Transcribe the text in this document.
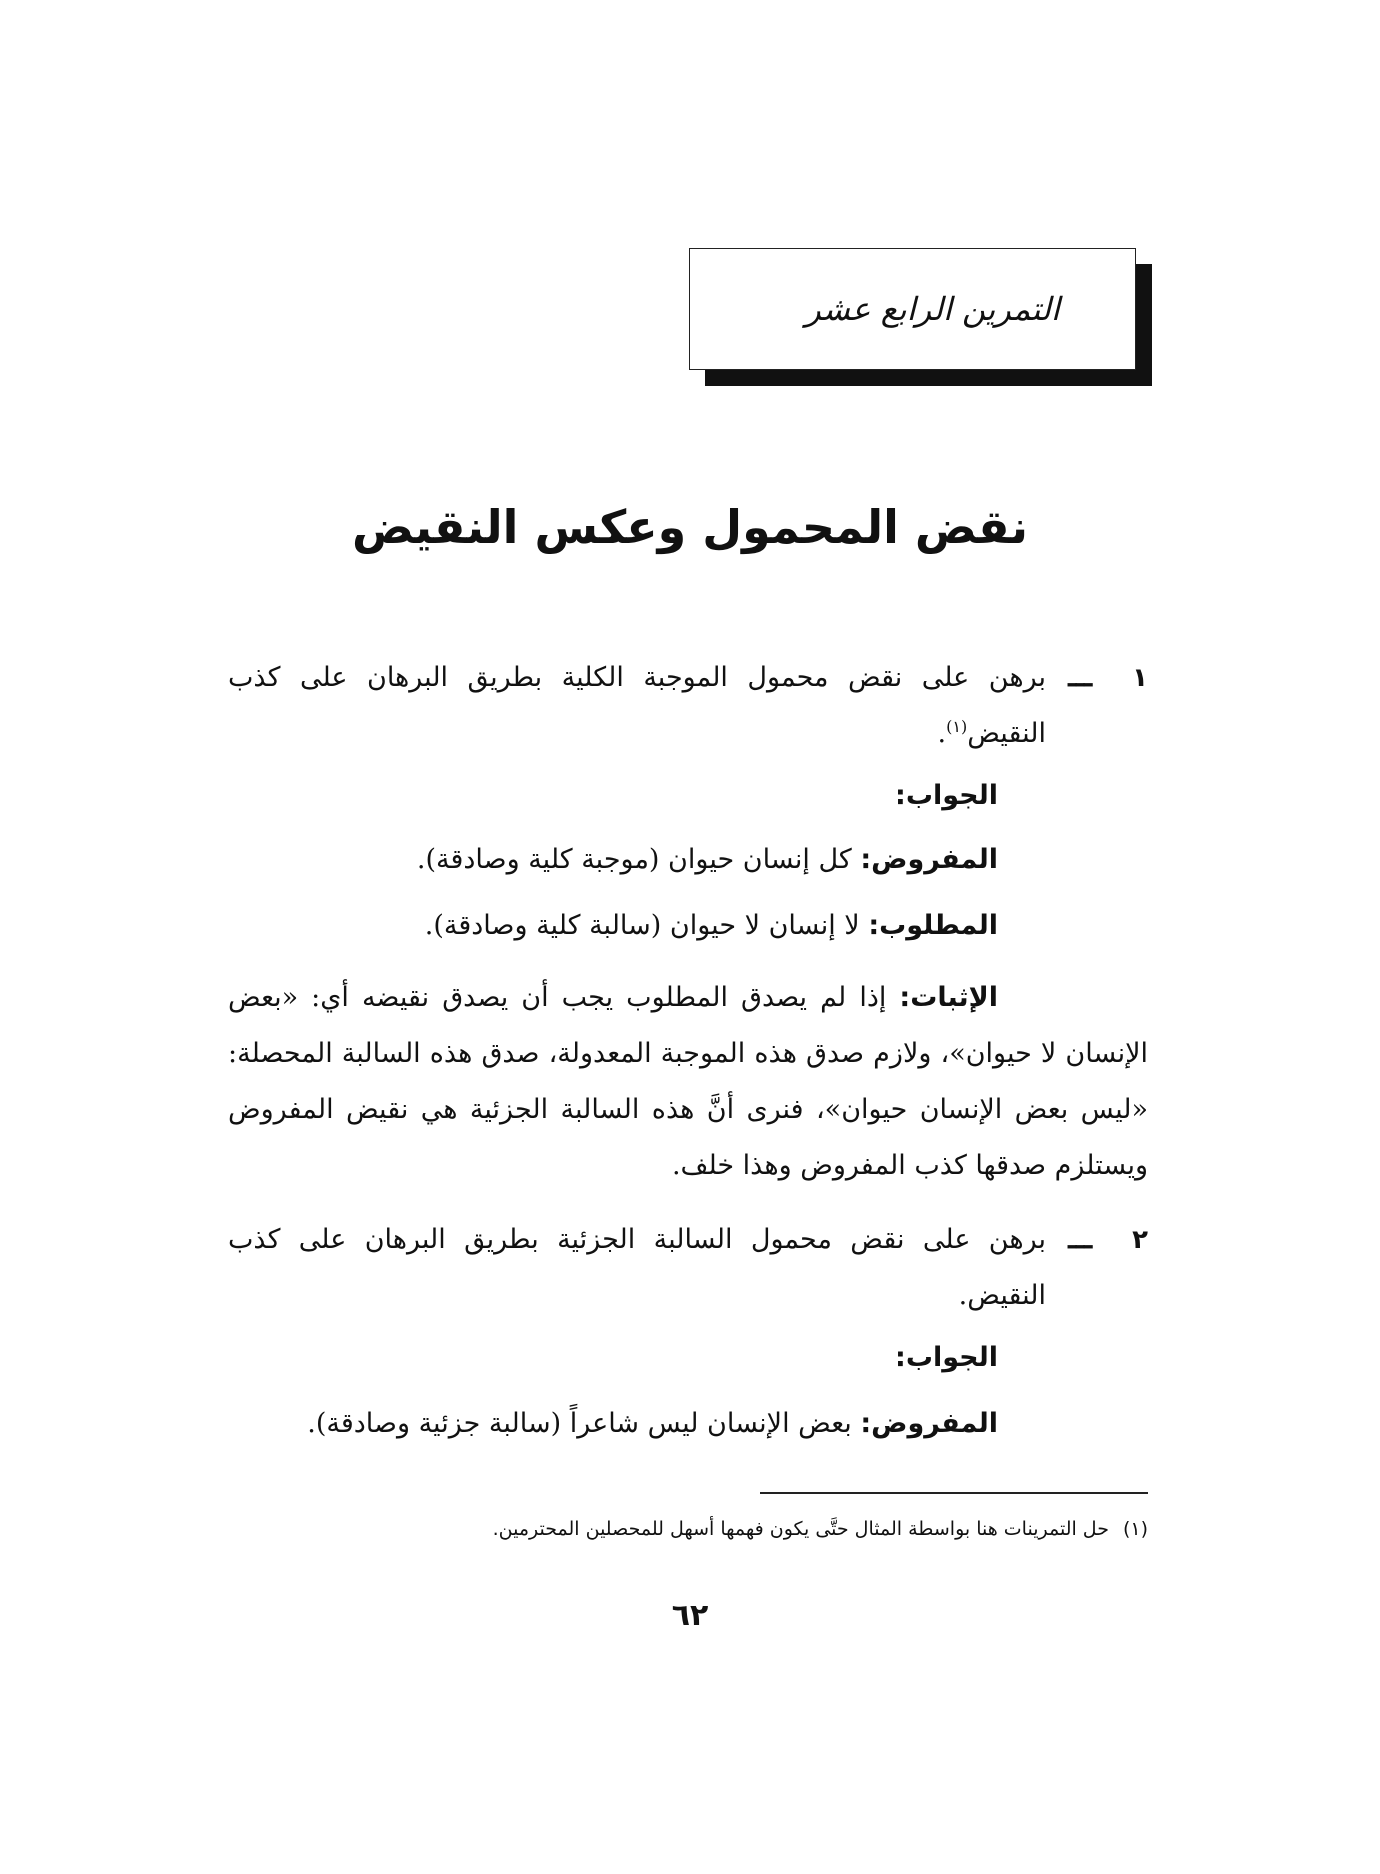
التمرين الرابع عشر
نقض المحمول وعكس النقيض
١
ـــ
برهن على نقض محمول الموجبة الكلية بطريق البرهان على كذب النقيض$^{(١)}$.
الجواب:
المفروض: كل إنسان حيوان (موجبة كلية وصادقة).
المطلوب: لا إنسان لا حيوان (سالبة كلية وصادقة).
الإثبات: إذا لم يصدق المطلوب يجب أن يصدق نقيضه أي: «بعض الإنسان لا حيوان»، ولازم صدق هذه الموجبة المعدولة، صدق هذه السالبة المحصلة: «ليس بعض الإنسان حيوان»، فنرى أنَّ هذه السالبة الجزئية هي نقيض المفروض ويستلزم صدقها كذب المفروض وهذا خلف.
٢
ـــ
برهن على نقض محمول السالبة الجزئية بطريق البرهان على كذب النقيض.
الجواب:
المفروض: بعض الإنسان ليس شاعراً (سالبة جزئية وصادقة).
(١)حل التمرينات هنا بواسطة المثال حتَّى يكون فهمها أسهل للمحصلين المحترمين.
٦٢
